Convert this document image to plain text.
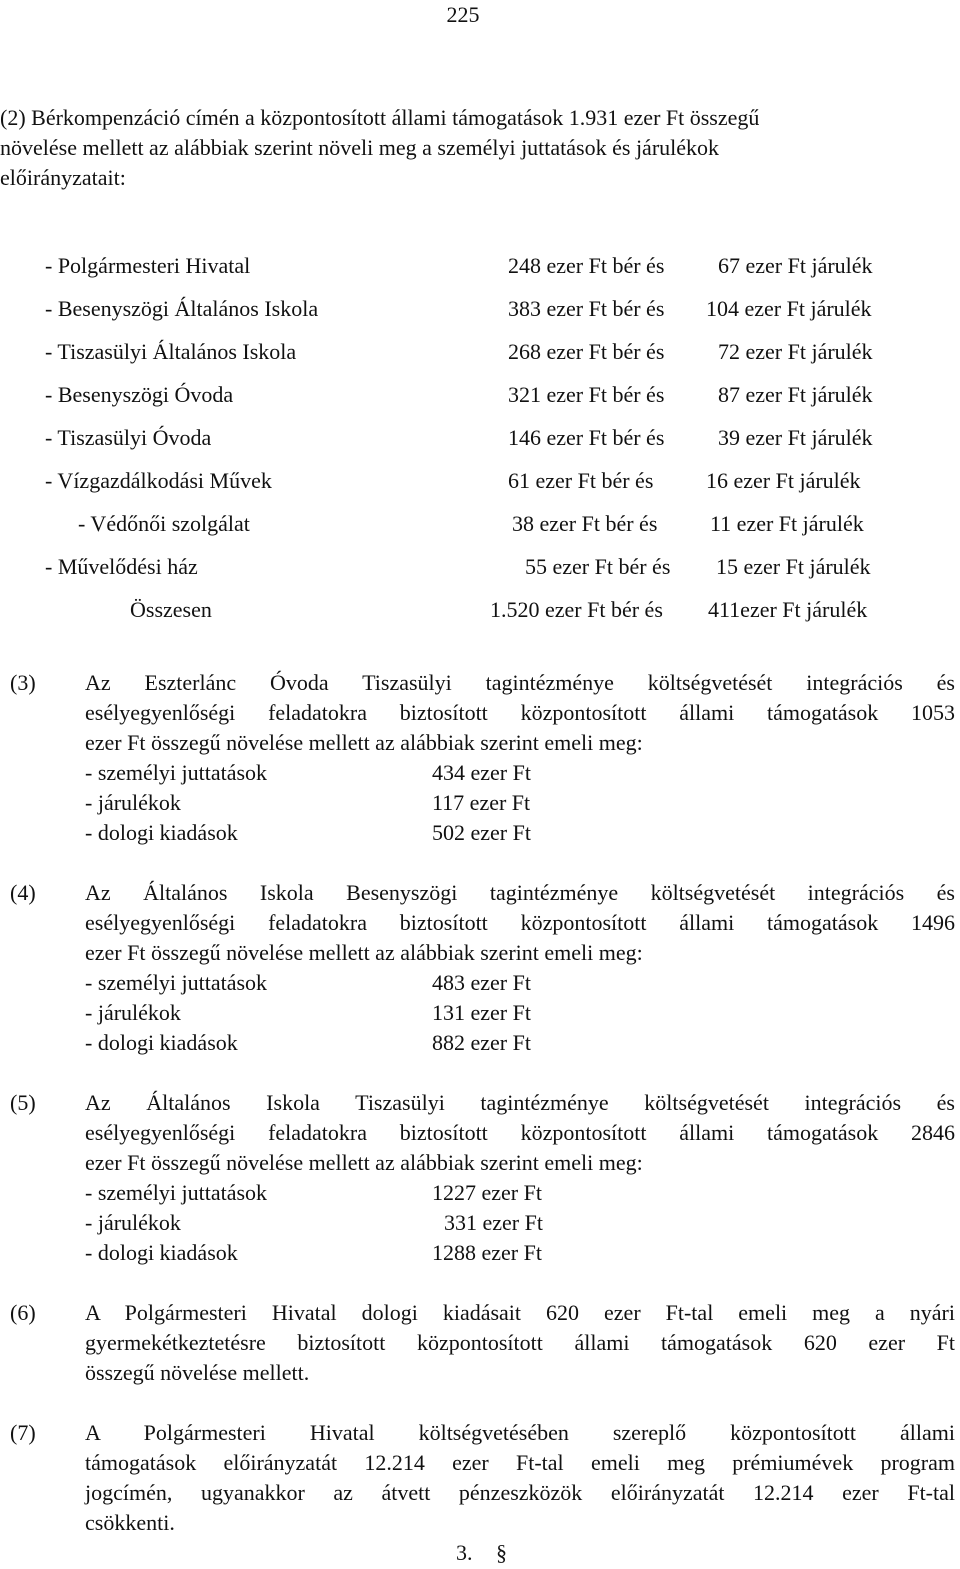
225
(2) Bérkompenzáció címén a központosított állami támogatások 1.931 ezer Ft összegű
növelése mellett az alábbiak szerint növeli meg a személyi juttatások és járulékok
előirányzatait:
- Polgármesteri Hivatal	248 ezer Ft bér és 67 ezer Ft járulék
- Besenyszögi Általános Iskola	383 ezer Ft bér és 104 ezer Ft járulék
- Tiszasülyi Általános Iskola	268 ezer Ft bér és 72 ezer Ft járulék
- Besenyszögi Óvoda	321 ezer Ft bér és 87 ezer Ft járulék
- Tiszasülyi Óvoda	146 ezer Ft bér és 39 ezer Ft járulék
- Vízgazdálkodási Művek	61 ezer Ft bér és 16 ezer Ft járulék
- Védőnői szolgálat	38 ezer Ft bér és 11 ezer Ft járulék
- Művelődési ház	55 ezer Ft bér és 15 ezer Ft járulék
Összesen	1.520 ezer Ft bér és 411ezer Ft járulék
(3) Az Eszterlánc Óvoda Tiszasülyi tagintézménye költségvetését integrációs és
esélyegyenlőségi feladatokra biztosított központosított állami támogatások 1053
ezer Ft összegű növelése mellett az alábbiak szerint emeli meg:
- személyi juttatások	434 ezer Ft
- járulékok	117 ezer Ft
- dologi kiadások	502 ezer Ft
(4) Az Általános Iskola Besenyszögi tagintézménye költségvetését integrációs és
esélyegyenlőségi feladatokra biztosított központosított állami támogatások 1496
ezer Ft összegű növelése mellett az alábbiak szerint emeli meg:
- személyi juttatások	483 ezer Ft
- járulékok	131 ezer Ft
- dologi kiadások	882 ezer Ft
(5) Az Általános Iskola Tiszasülyi tagintézménye költségvetését integrációs és
esélyegyenlőségi feladatokra biztosított központosított állami támogatások 2846
ezer Ft összegű növelése mellett az alábbiak szerint emeli meg:
- személyi juttatások	1227 ezer Ft
- járulékok	331 ezer Ft
- dologi kiadások	1288 ezer Ft
(6) A Polgármesteri Hivatal dologi kiadásait 620 ezer Ft-tal emeli meg a nyári
gyermekétkeztetésre biztosított központosított állami támogatások 620 ezer Ft
összegű növelése mellett.
(7) A Polgármesteri Hivatal költségvetésében szereplő központosított állami
támogatások előirányzatát 12.214 ezer Ft-tal emeli meg prémiumévek program
jogcímén, ugyanakkor az átvett pénzeszközök előirányzatát 12.214 ezer Ft-tal
csökkenti.
3. §
